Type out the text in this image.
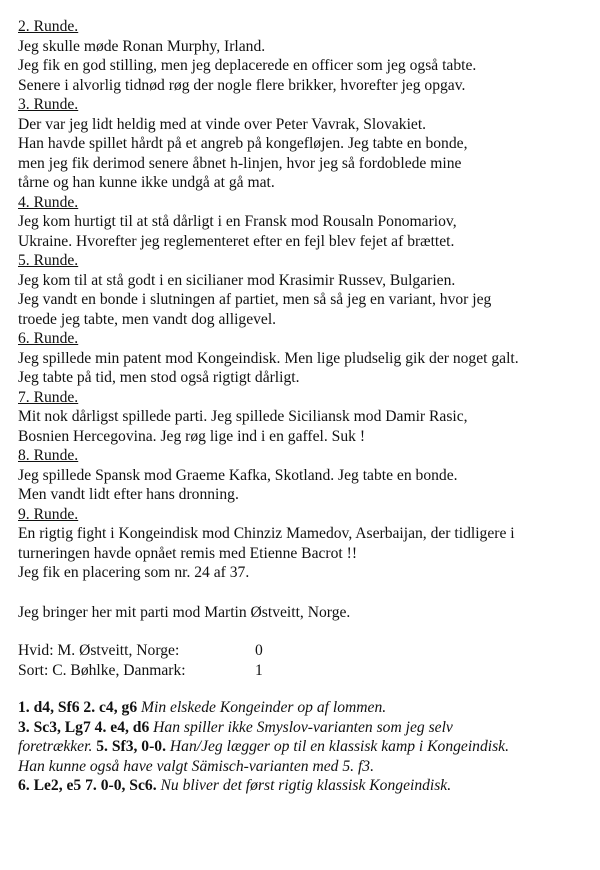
2. Runde.
Jeg skulle møde Ronan Murphy, Irland.
Jeg fik en god stilling, men jeg deplacerede en officer som jeg også tabte.
Senere i alvorlig tidnød røg der nogle flere brikker, hvorefter jeg opgav.
3. Runde.
Der var jeg lidt heldig med at vinde over Peter Vavrak, Slovakiet.
Han havde spillet hårdt på et angreb på kongefløjen. Jeg tabte en bonde,
men jeg fik derimod senere åbnet h-linjen, hvor jeg så fordoblede mine
tårne og han kunne ikke undgå at gå mat.
4. Runde.
Jeg kom hurtigt til at stå dårligt i en Fransk mod Rousaln Ponomariov,
Ukraine. Hvorefter jeg reglementeret efter en fejl blev fejet af brættet.
5. Runde.
Jeg kom til at stå godt i en sicilianer mod Krasimir Russev, Bulgarien.
Jeg vandt en bonde i slutningen af partiet, men så så jeg en variant, hvor jeg
troede jeg tabte, men vandt dog alligevel.
6. Runde.
Jeg spillede min patent mod Kongeindisk. Men lige pludselig gik der noget galt.
Jeg tabte på tid, men stod også rigtigt dårligt.
7. Runde.
Mit nok dårligst spillede parti. Jeg spillede Siciliansk mod Damir Rasic,
Bosnien Hercegovina. Jeg røg lige ind i en gaffel. Suk !
8. Runde.
Jeg spillede Spansk mod Graeme Kafka, Skotland. Jeg tabte en bonde.
Men vandt lidt efter hans dronning.
9. Runde.
En rigtig fight i Kongeindisk mod Chinziz Mamedov, Aserbaijan, der tidligere i
turneringen havde opnået remis med Etienne Bacrot !!
Jeg fik en placering som nr. 24 af 37.
Jeg bringer her mit parti mod Martin Østveitt, Norge.
Hvid: M. Østveitt, Norge:	0
Sort: C. Bøhlke, Danmark:	1
1. d4, Sf6 2. c4, g6 Min elskede Kongeinder op af lommen.
3. Sc3, Lg7 4. e4, d6 Han spiller ikke Smyslov-varianten som jeg selv
foretrækker. 5. Sf3, 0-0. Han/Jeg lægger op til en klassisk kamp i Kongeindisk.
Han kunne også have valgt Sämisch-varianten med 5. f3.
6. Le2, e5 7. 0-0, Sc6. Nu bliver det først rigtig klassisk Kongeindisk.
